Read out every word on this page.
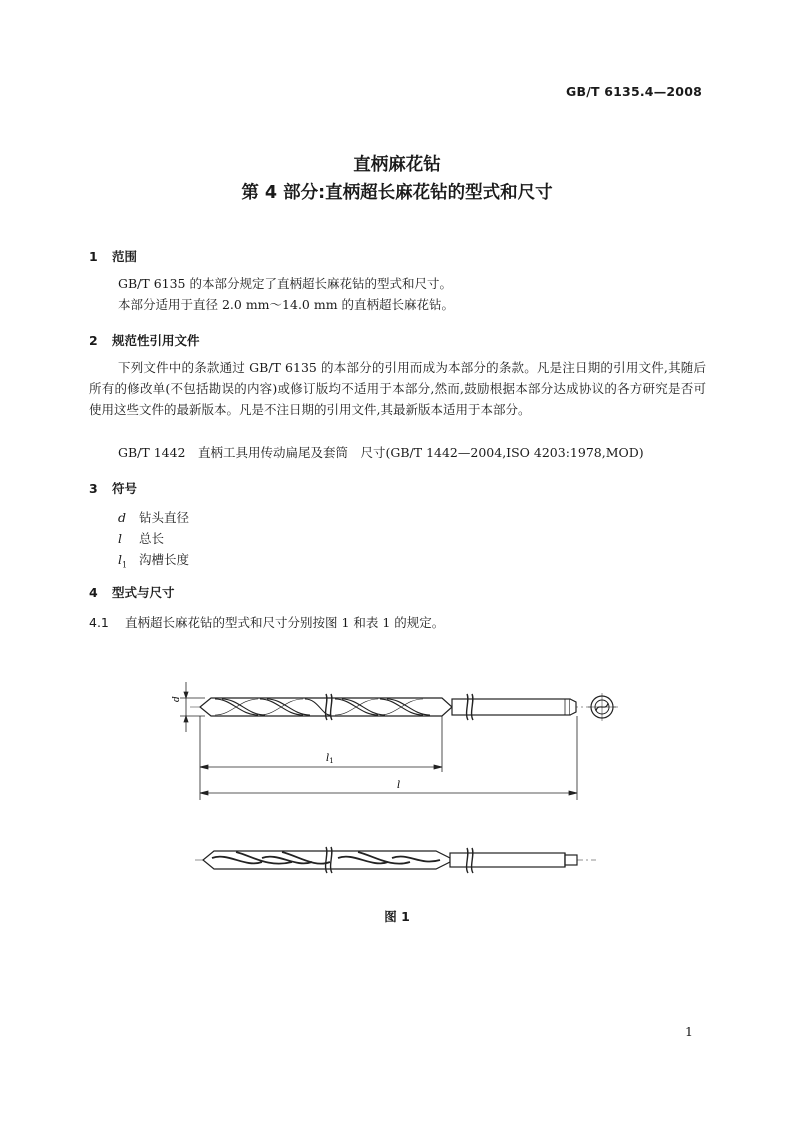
GB/T 6135.4—2008
直柄麻花钻
第 4 部分:直柄超长麻花钻的型式和尺寸
1 范围
GB/T 6135 的本部分规定了直柄超长麻花钻的型式和尺寸。
本部分适用于直径 2.0 mm～14.0 mm 的直柄超长麻花钻。
2 规范性引用文件
下列文件中的条款通过 GB/T 6135 的本部分的引用而成为本部分的条款。凡是注日期的引用文件,其随后所有的修改单(不包括勘误的内容)或修订版均不适用于本部分,然而,鼓励根据本部分达成协议的各方研究是否可使用这些文件的最新版本。凡是不注日期的引用文件,其最新版本适用于本部分。
GB/T 1442　直柄工具用传动扁尾及套筒　尺寸(GB/T 1442—2004,ISO 4203:1978,MOD)
3 符号
d 钻头直径
l 总长
$l_1$ 沟槽长度
4 型式与尺寸
4.1 直柄超长麻花钻的型式和尺寸分别按图 1 和表 1 的规定。
d
$l_1$
l
图 1
1
